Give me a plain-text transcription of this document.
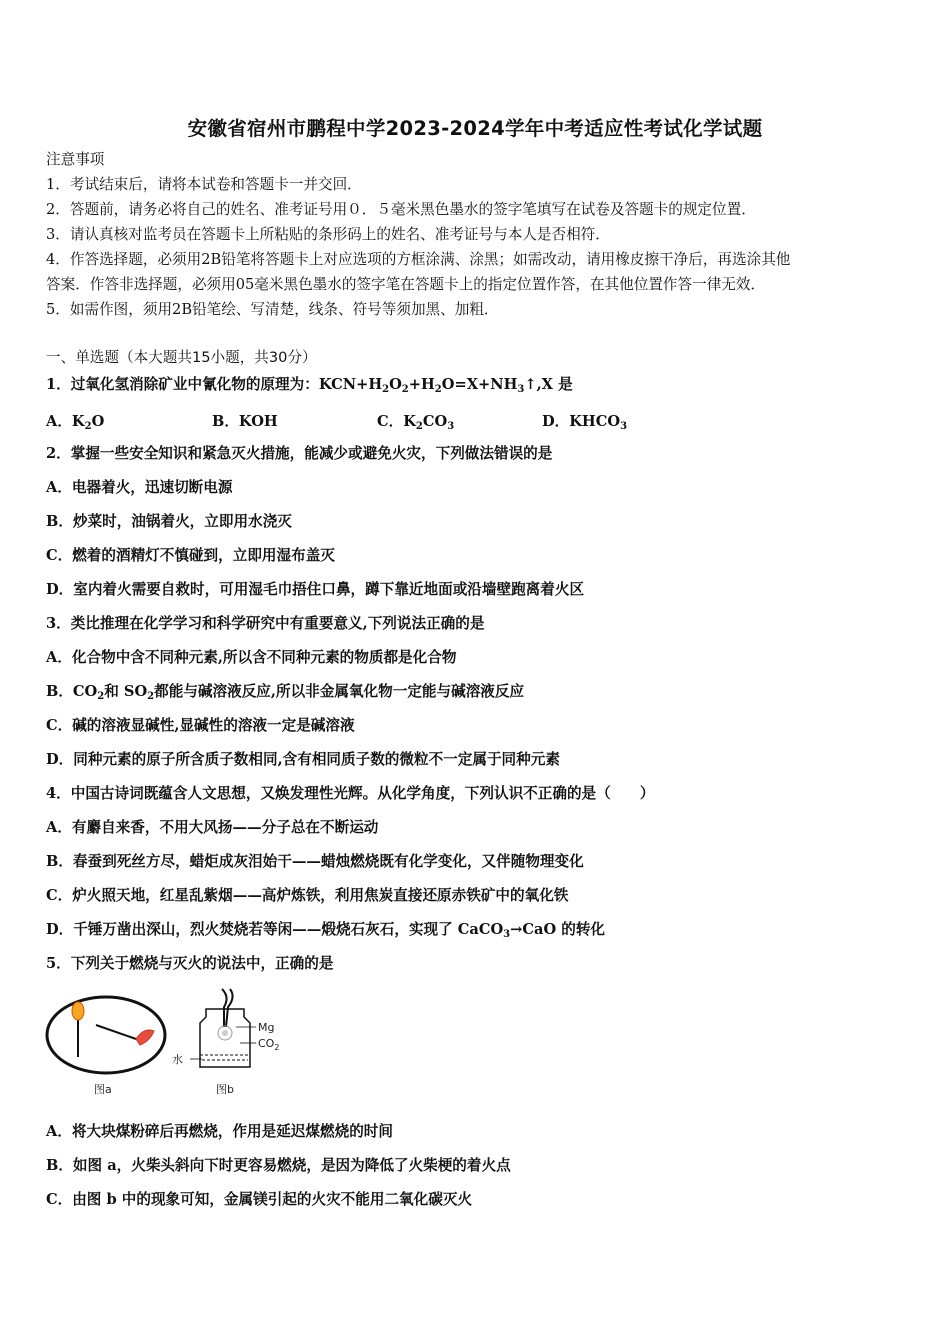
安徽省宿州市鹏程中学2023-2024学年中考适应性考试化学试题
注意事项
1．考试结束后，请将本试卷和答题卡一并交回．
2．答题前，请务必将自己的姓名、准考证号用０．５毫米黑色墨水的签字笔填写在试卷及答题卡的规定位置．
3．请认真核对监考员在答题卡上所粘贴的条形码上的姓名、准考证号与本人是否相符．
4．作答选择题，必须用2B铅笔将答题卡上对应选项的方框涂满、涂黑；如需改动，请用橡皮擦干净后，再选涂其他
答案．作答非选择题，必须用05毫米黑色墨水的签字笔在答题卡上的指定位置作答，在其他位置作答一律无效．
5．如需作图，须用2B铅笔绘、写清楚，线条、符号等须加黑、加粗．
一、单选题（本大题共15小题，共30分）
1．过氧化氢消除矿业中氰化物的原理为：$KCN+H_2O_2+H_2O=X+NH_3↑,X$ 是
A．$K_2O$	B．KOH	C．$K_2CO_3$	D．$KHCO_3$
2．掌握一些安全知识和紧急灭火措施，能减少或避免火灾，下列做法错误的是
A．电器着火，迅速切断电源
B．炒菜时，油锅着火，立即用水浇灭
C．燃着的酒精灯不慎碰到，立即用湿布盖灭
D．室内着火需要自救时，可用湿毛巾捂住口鼻，蹲下靠近地面或沿墙壁跑离着火区
3．类比推理在化学学习和科学研究中有重要意义,下列说法正确的是
A．化合物中含不同种元素,所以含不同种元素的物质都是化合物
B．$CO_2$和 $SO_2$都能与碱溶液反应,所以非金属氧化物一定能与碱溶液反应
C．碱的溶液显碱性,显碱性的溶液一定是碱溶液
D．同种元素的原子所含质子数相同,含有相同质子数的微粒不一定属于同种元素
4．中国古诗词既蕴含人文思想，又焕发理性光辉。从化学角度，下列认识不正确的是（　　）
A．有麝自来香，不用大风扬——分子总在不断运动
B．春蚕到死丝方尽，蜡炬成灰泪始干——蜡烛燃烧既有化学变化，又伴随物理变化
C．炉火照天地，红星乱紫烟——高炉炼铁，利用焦炭直接还原赤铁矿中的氧化铁
D．千锤万凿出深山，烈火焚烧若等闲——煅烧石灰石，实现了 CaCO$_3$→CaO 的转化
5．下列关于燃烧与灭火的说法中，正确的是
图a
Mg
$CO_2$
水
图b
A．将大块煤粉碎后再燃烧，作用是延迟煤燃烧的时间
B．如图 a，火柴头斜向下时更容易燃烧，是因为降低了火柴梗的着火点
C．由图 b 中的现象可知，金属镁引起的火灾不能用二氧化碳灭火
